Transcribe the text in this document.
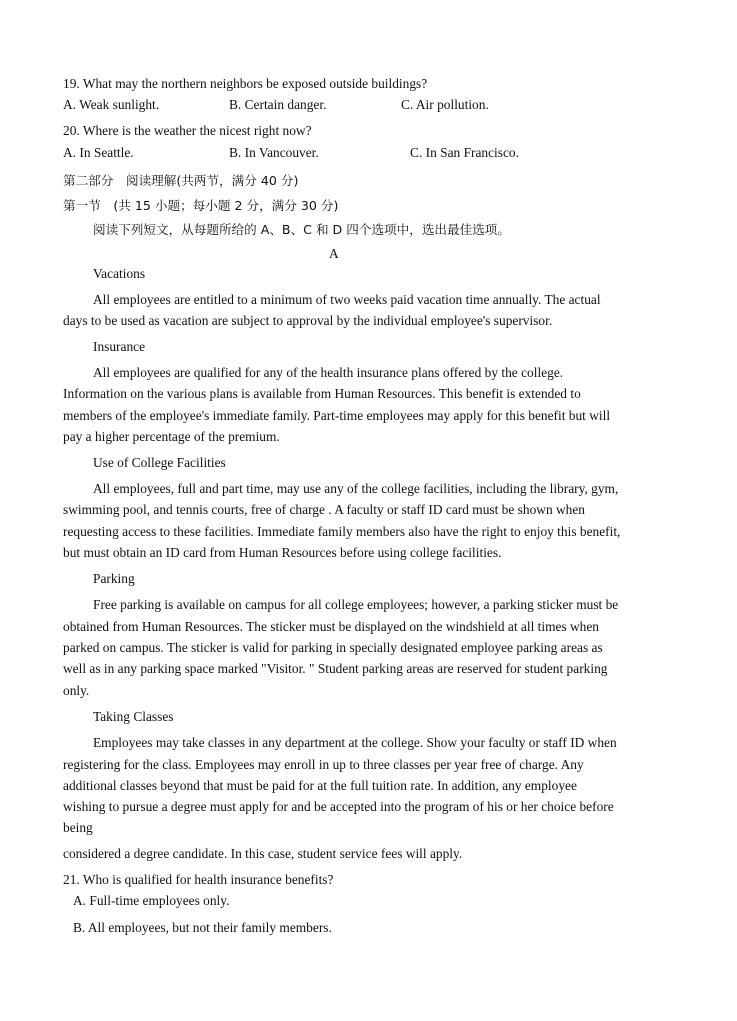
19. What may the northern neighbors be exposed outside buildings?
A. Weak sunlight.	B. Certain danger.	C. Air pollution.
20. Where is the weather the nicest right now?
A. In Seattle.	B. In Vancouver.	C. In San Francisco.
第二部分　阅读理解(共两节，满分 40 分)
第一节　(共 15 小题；每小题 2 分，满分 30 分)
阅读下列短文，从每题所给的 A、B、C 和 D 四个选项中，选出最佳选项。
A
Vacations
All employees are entitled to a minimum of two weeks paid vacation time annually. The actual
days to be used as vacation are subject to approval by the individual employee's supervisor.
Insurance
All employees are qualified for any of the health insurance plans offered by the college.
Information on the various plans is available from Human Resources. This benefit is extended to
members of the employee's immediate family. Part-time employees may apply for this benefit but will
pay a higher percentage of the premium.
Use of College Facilities
All employees, full and part time, may use any of the college facilities, including the library, gym,
swimming pool, and tennis courts, free of charge . A faculty or staff ID card must be shown when
requesting access to these facilities. Immediate family members also have the right to enjoy this benefit,
but must obtain an ID card from Human Resources before using college facilities.
Parking
Free parking is available on campus for all college employees; however, a parking sticker must be
obtained from Human Resources. The sticker must be displayed on the windshield at all times when
parked on campus. The sticker is valid for parking in specially designated employee parking areas as
well as in any parking space marked "Visitor. " Student parking areas are reserved for student parking
only.
Taking Classes
Employees may take classes in any department at the college. Show your faculty or staff ID when
registering for the class. Employees may enroll in up to three classes per year free of charge. Any
additional classes beyond that must be paid for at the full tuition rate. In addition, any employee
wishing to pursue a degree must apply for and be accepted into the program of his or her choice before
being
considered a degree candidate. In this case, student service fees will apply.
21. Who is qualified for health insurance benefits?
A. Full-time employees only.
B. All employees, but not their family members.
